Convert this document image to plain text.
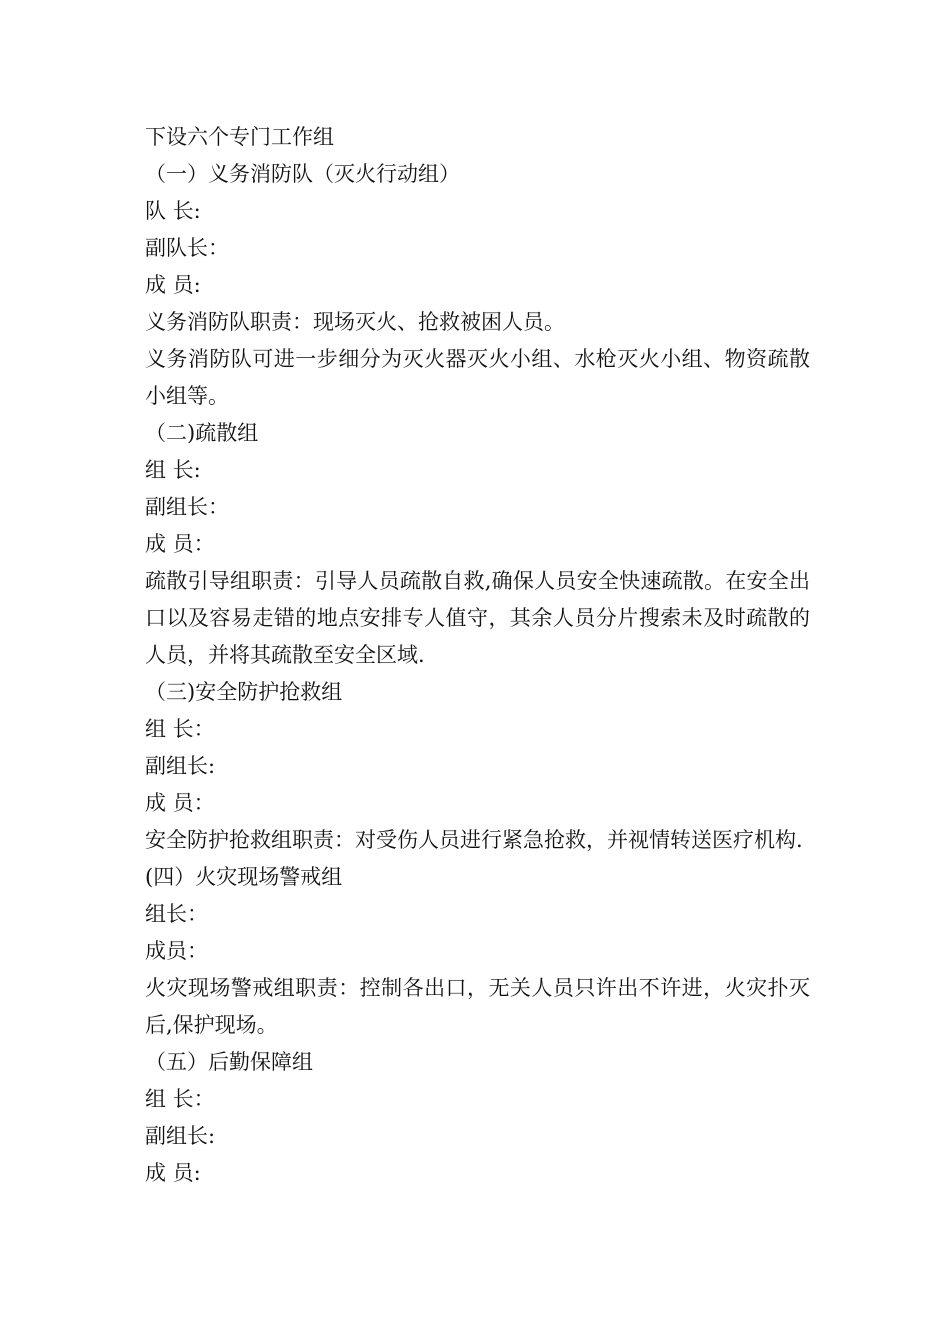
下设六个专门工作组

（一）义务消防队（灭火行动组）

队 长:

副队长：

成 员:

义务消防队职责：现场灭火、抢救被困人员。

义务消防队可进一步细分为灭火器灭火小组、水枪灭火小组、物资疏散小组等。

（二)疏散组

组 长:

副组长：

成 员：

疏散引导组职责：引导人员疏散自救,确保人员安全快速疏散。在安全出口以及容易走错的地点安排专人值守，其余人员分片搜索未及时疏散的人员，并将其疏散至安全区域.

（三)安全防护抢救组

组 长：

副组长:

成 员：

安全防护抢救组职责：对受伤人员进行紧急抢救，并视情转送医疗机构.

(四）火灾现场警戒组

组长：

成员：

火灾现场警戒组职责：控制各出口，无关人员只许出不许进，火灾扑灭后,保护现场。

（五）后勤保障组

组 长：

副组长:

成 员:
